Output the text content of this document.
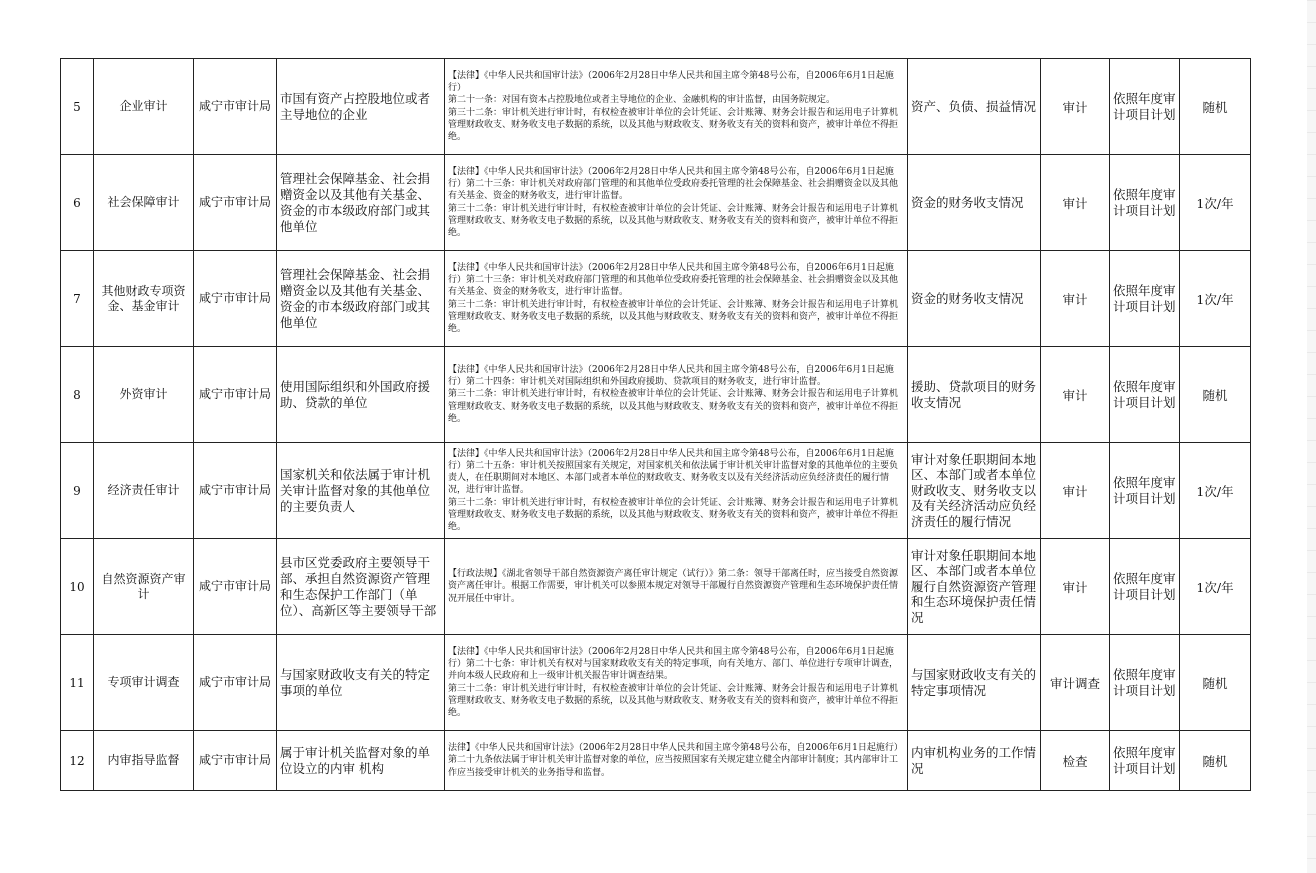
5	企业审计	咸宁市审计局	市国有资产占控股地位或者主导地位的企业	【法律】《中华人民共和国审计法》（2006年2月28日中华人民共和国主席令第48号公布，自2006年6月1日起施行）
第二十一条：对国有资本占控股地位或者主导地位的企业、金融机构的审计监督，由国务院规定。
第三十二条：审计机关进行审计时，有权检查被审计单位的会计凭证、会计账簿、财务会计报告和运用电子计算机管理财政收支、财务收支电子数据的系统，以及其他与财政收支、财务收支有关的资料和资产，被审计单位不得拒绝。	资产、负债、损益情况	审计	依照年度审计项目计划	随机
6	社会保障审计	咸宁市审计局	管理社会保障基金、社会捐赠资金以及其他有关基金、资金的市本级政府部门或其他单位	【法律】《中华人民共和国审计法》（2006年2月28日中华人民共和国主席令第48号公布，自2006年6月1日起施行）第二十三条：审计机关对政府部门管理的和其他单位受政府委托管理的社会保障基金、社会捐赠资金以及其他有关基金、资金的财务收支，进行审计监督。
第三十二条：审计机关进行审计时，有权检查被审计单位的会计凭证、会计账簿、财务会计报告和运用电子计算机管理财政收支、财务收支电子数据的系统，以及其他与财政收支、财务收支有关的资料和资产，被审计单位不得拒绝。	资金的财务收支情况	审计	依照年度审计项目计划	1次/年
7	其他财政专项资金、基金审计	咸宁市审计局	管理社会保障基金、社会捐赠资金以及其他有关基金、资金的市本级政府部门或其他单位	【法律】《中华人民共和国审计法》（2006年2月28日中华人民共和国主席令第48号公布，自2006年6月1日起施行）第二十三条：审计机关对政府部门管理的和其他单位受政府委托管理的社会保障基金、社会捐赠资金以及其他有关基金、资金的财务收支，进行审计监督。
第三十二条：审计机关进行审计时，有权检查被审计单位的会计凭证、会计账簿、财务会计报告和运用电子计算机管理财政收支、财务收支电子数据的系统，以及其他与财政收支、财务收支有关的资料和资产，被审计单位不得拒绝。	资金的财务收支情况	审计	依照年度审计项目计划	1次/年
8	外资审计	咸宁市审计局	使用国际组织和外国政府援助、贷款的单位	【法律】《中华人民共和国审计法》（2006年2月28日中华人民共和国主席令第48号公布，自2006年6月1日起施行）第二十四条：审计机关对国际组织和外国政府援助、贷款项目的财务收支，进行审计监督。
第三十二条：审计机关进行审计时，有权检查被审计单位的会计凭证、会计账簿、财务会计报告和运用电子计算机管理财政收支、财务收支电子数据的系统，以及其他与财政收支、财务收支有关的资料和资产，被审计单位不得拒绝。	援助、贷款项目的财务收支情况	审计	依照年度审计项目计划	随机
9	经济责任审计	咸宁市审计局	国家机关和依法属于审计机关审计监督对象的其他单位的主要负责人	【法律】《中华人民共和国审计法》（2006年2月28日中华人民共和国主席令第48号公布，自2006年6月1日起施行）第二十五条：审计机关按照国家有关规定，对国家机关和依法属于审计机关审计监督对象的其他单位的主要负责人，在任职期间对本地区、本部门或者本单位的财政收支、财务收支以及有关经济活动应负经济责任的履行情况，进行审计监督。
第三十二条：审计机关进行审计时，有权检查被审计单位的会计凭证、会计账簿、财务会计报告和运用电子计算机管理财政收支、财务收支电子数据的系统，以及其他与财政收支、财务收支有关的资料和资产，被审计单位不得拒绝。	审计对象任职期间本地区、本部门或者本单位财政收支、财务收支以及有关经济活动应负经济责任的履行情况	审计	依照年度审计项目计划	1次/年
10	自然资源资产审计	咸宁市审计局	县市区党委政府主要领导干部、承担自然资源资产管理和生态保护工作部门（单位）、高新区等主要领导干部	【行政法规】《湖北省领导干部自然资源资产离任审计规定（试行）》第二条：领导干部离任时，应当接受自然资源资产离任审计。根据工作需要，审计机关可以参照本规定对领导干部履行自然资源资产管理和生态环境保护责任情况开展任中审计。	审计对象任职期间本地区、本部门或者本单位履行自然资源资产管理和生态环境保护责任情况	审计	依照年度审计项目计划	1次/年
11	专项审计调查	咸宁市审计局	与国家财政收支有关的特定事项的单位	【法律】《中华人民共和国审计法》（2006年2月28日中华人民共和国主席令第48号公布，自2006年6月1日起施行）第二十七条：审计机关有权对与国家财政收支有关的特定事项，向有关地方、部门、单位进行专项审计调查，并向本级人民政府和上一级审计机关报告审计调查结果。
第三十二条：审计机关进行审计时，有权检查被审计单位的会计凭证、会计账簿、财务会计报告和运用电子计算机管理财政收支、财务收支电子数据的系统，以及其他与财政收支、财务收支有关的资料和资产，被审计单位不得拒绝。	与国家财政收支有关的特定事项情况	审计调查	依照年度审计项目计划	随机
12	内审指导监督	咸宁市审计局	属于审计机关监督对象的单位设立的内审 机构	法律】《中华人民共和国审计法》（2006年2月28日中华人民共和国主席令第48号公布，自2006年6月1日起施行）第二十九条依法属于审计机关审计监督对象的单位，应当按照国家有关规定建立健全内部审计制度；其内部审计工作应当接受审计机关的业务指导和监督。	内审机构业务的工作情况	检查	依照年度审计项目计划	随机
